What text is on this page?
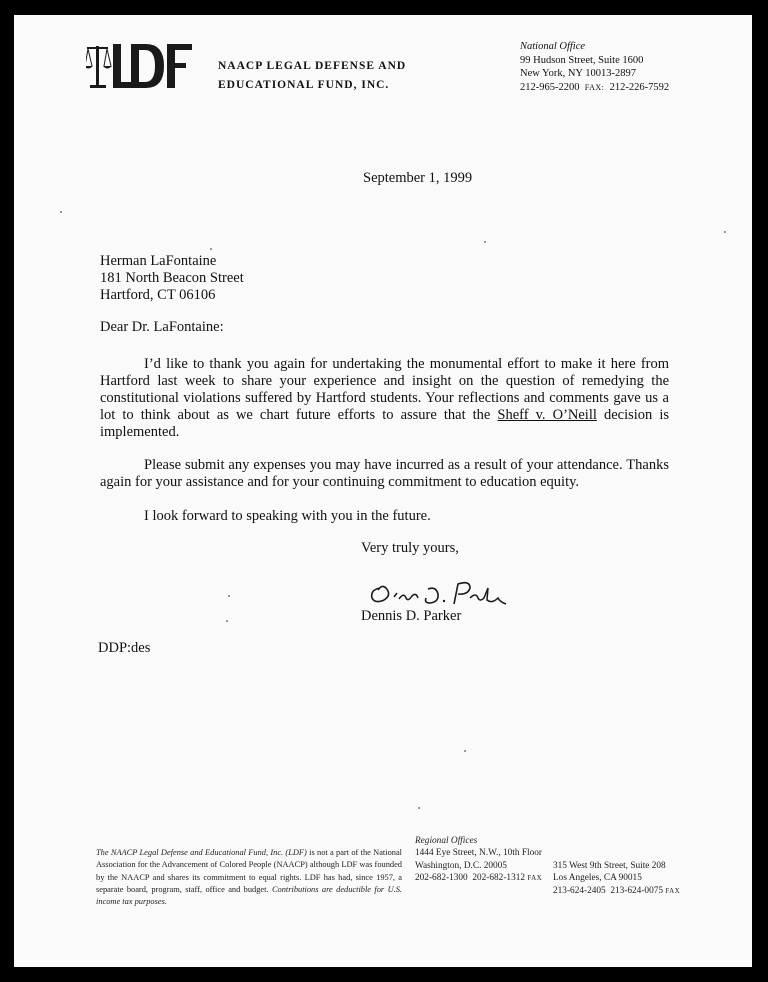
NAACP LEGAL DEFENSE AND
EDUCATIONAL FUND, INC.
National Office
99 Hudson Street, Suite 1600
New York, NY 10013-2897
212-965-2200 FAX: 212-226-7592
September 1, 1999
Herman LaFontaine
181 North Beacon Street
Hartford, CT 06106
Dear Dr. LaFontaine:
I’d like to thank you again for undertaking the monumental effort to make it here from Hartford last week to share your experience and insight on the question of remedying the constitutional violations suffered by Hartford students. Your reflections and comments gave us a lot to think about as we chart future efforts to assure that the Sheff v. O’Neill decision is implemented.
Please submit any expenses you may have incurred as a result of your attendance. Thanks again for your assistance and for your continuing commitment to education equity.
I look forward to speaking with you in the future.
Very truly yours,
Dennis D. Parker
DDP:des
The NAACP Legal Defense and Educational Fund, Inc. (LDF) is not a part of the National Association for the Advancement of Colored People (NAACP) although LDF was founded by the NAACP and shares its commitment to equal rights. LDF has had, since 1957, a separate board, program, staff, office and budget. Contributions are deductible for U.S. income tax purposes.
Regional Offices
1444 Eye Street, N.W., 10th Floor
Washington, D.C. 20005
202-682-1300 202-682-1312 FAX
315 West 9th Street, Suite 208
Los Angeles, CA 90015
213-624-2405 213-624-0075 FAX
